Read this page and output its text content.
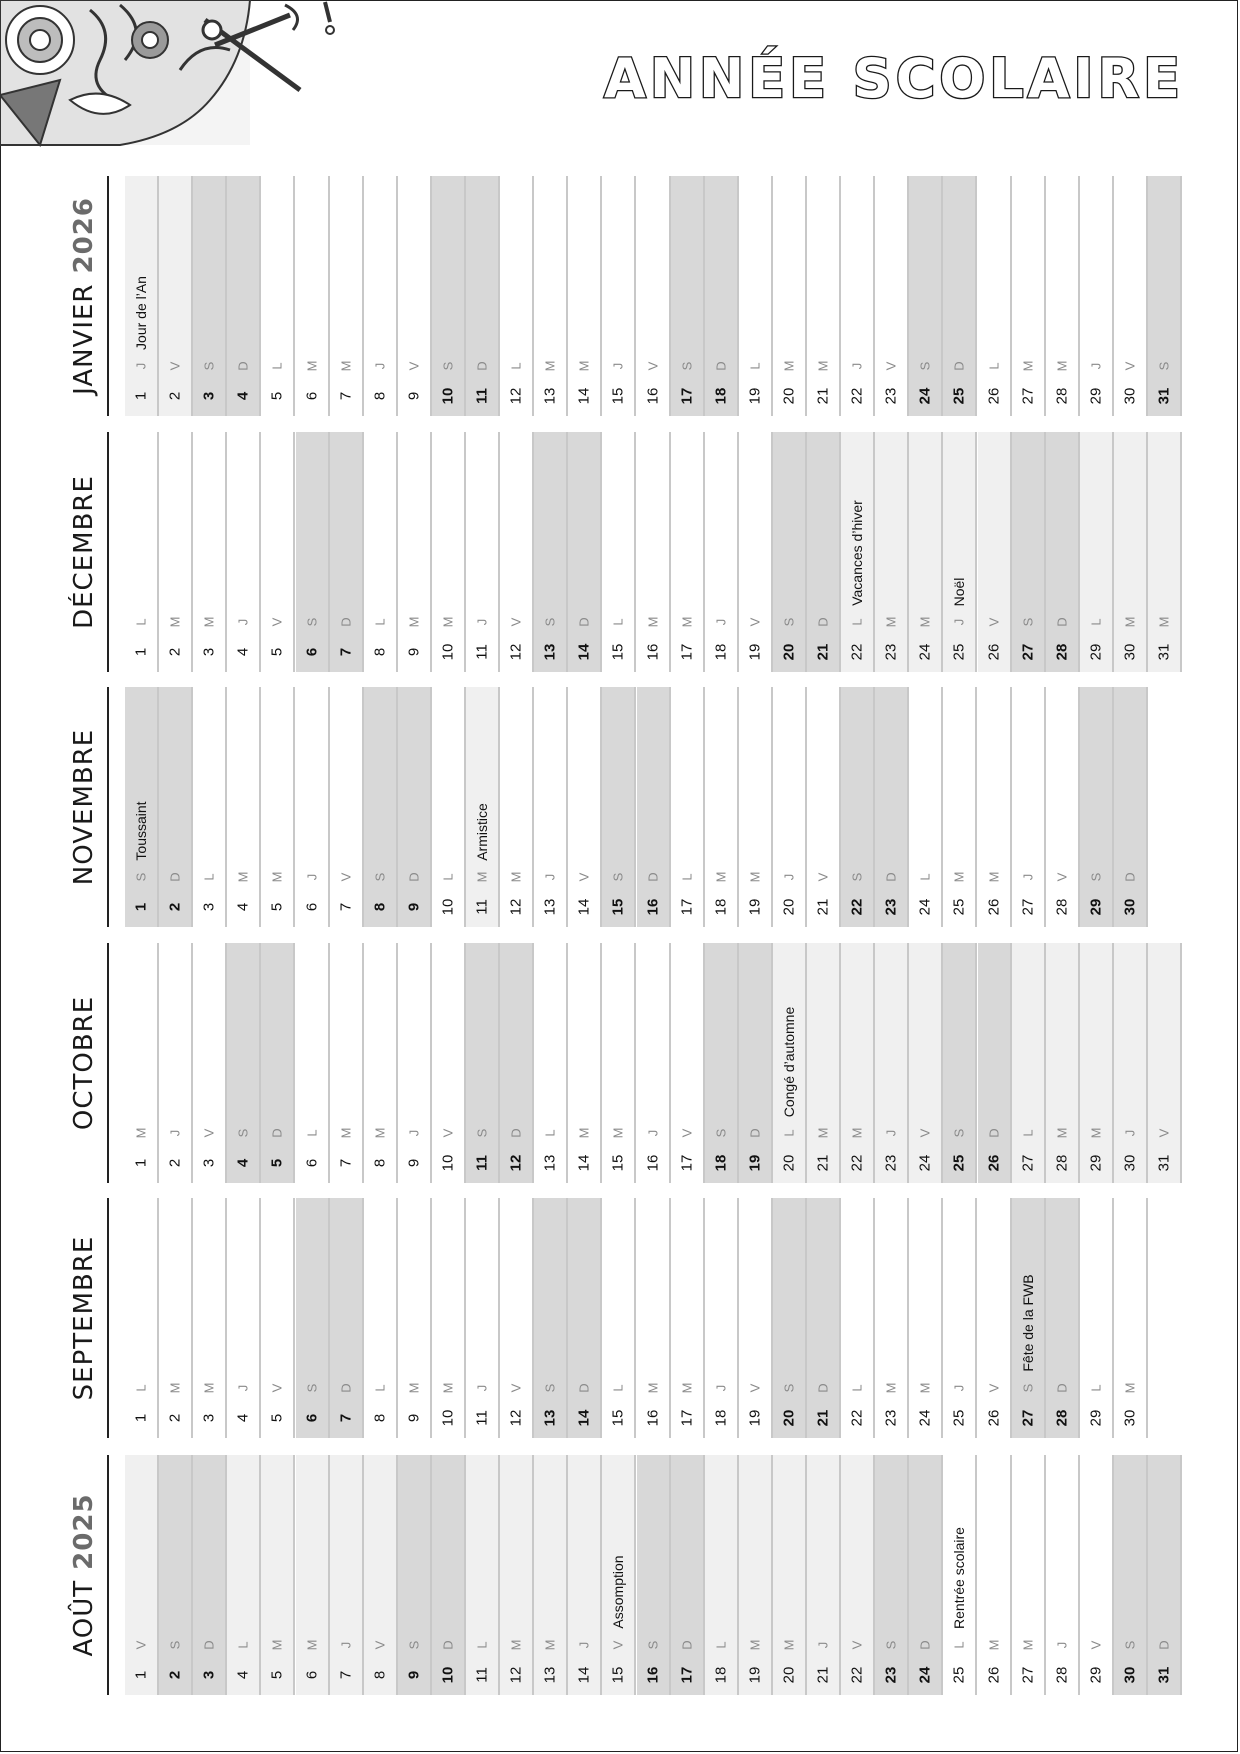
ANNÉE SCOLAIRE
AOÛT2025
1
V
2
S
3
D
4
L
5
M
6
M
7
J
8
V
9
S
10
D
11
L
12
M
13
M
14
J
15
V
Assomption
16
S
17
D
18
L
19
M
20
M
21
J
22
V
23
S
24
D
25
L
Rentrée scolaire
26
M
27
M
28
J
29
V
30
S
31
D
SEPTEMBRE
1
L
2
M
3
M
4
J
5
V
6
S
7
D
8
L
9
M
10
M
11
J
12
V
13
S
14
D
15
L
16
M
17
M
18
J
19
V
20
S
21
D
22
L
23
M
24
M
25
J
26
V
27
S
Fête de la FWB
28
D
29
L
30
M
OCTOBRE
1
M
2
J
3
V
4
S
5
D
6
L
7
M
8
M
9
J
10
V
11
S
12
D
13
L
14
M
15
M
16
J
17
V
18
S
19
D
20
L
Congé d’automne
21
M
22
M
23
J
24
V
25
S
26
D
27
L
28
M
29
M
30
J
31
V
NOVEMBRE
1
S
Toussaint
2
D
3
L
4
M
5
M
6
J
7
V
8
S
9
D
10
L
11
M
Armistice
12
M
13
J
14
V
15
S
16
D
17
L
18
M
19
M
20
J
21
V
22
S
23
D
24
L
25
M
26
M
27
J
28
V
29
S
30
D
DÉCEMBRE
1
L
2
M
3
M
4
J
5
V
6
S
7
D
8
L
9
M
10
M
11
J
12
V
13
S
14
D
15
L
16
M
17
M
18
J
19
V
20
S
21
D
22
L
Vacances d’hiver
23
M
24
M
25
J
Noël
26
V
27
S
28
D
29
L
30
M
31
M
JANVIER2026
1
J
Jour de l’An
2
V
3
S
4
D
5
L
6
M
7
M
8
J
9
V
10
S
11
D
12
L
13
M
14
M
15
J
16
V
17
S
18
D
19
L
20
M
21
M
22
J
23
V
24
S
25
D
26
L
27
M
28
M
29
J
30
V
31
S
